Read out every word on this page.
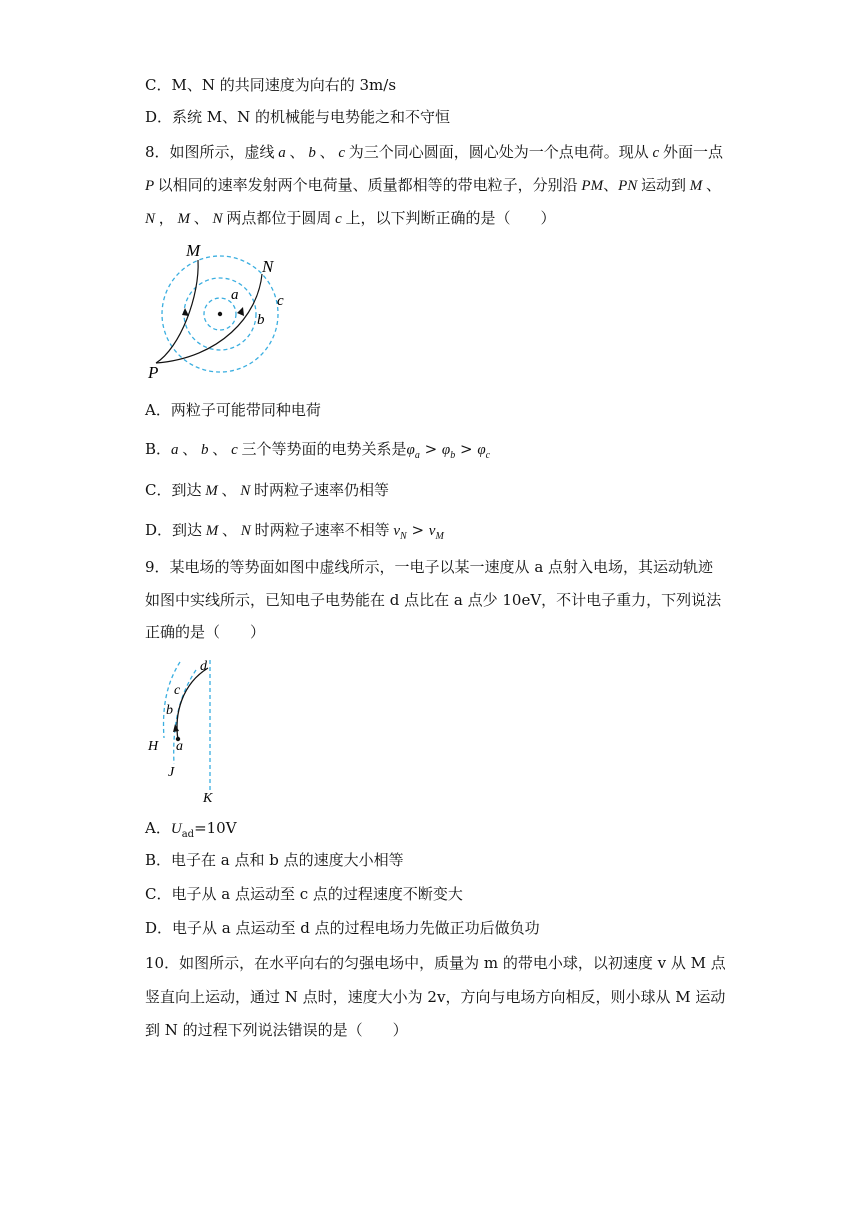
C．M、N 的共同速度为向右的 3m/s
D．系统 M、N 的机械能与电势能之和不守恒
8．如图所示，虚线 a 、 b 、 c 为三个同心圆面，圆心处为一个点电荷。现从 c 外面一点
P 以相同的速率发射两个电荷量、质量都相等的带电粒子，分别沿 PM、PN 运动到 M 、
N ， M 、 N 两点都位于圆周 c 上，以下判断正确的是（　　）
M
N
P
a
b
c
A．两粒子可能带同种电荷
B．a 、 b 、 c 三个等势面的电势关系是$\varphi_a > \varphi_b > \varphi_c$
C．到达 M 、 N 时两粒子速率仍相等
D．到达 M 、 N 时两粒子速率不相等 $v_N > v_M$
9．某电场的等势面如图中虚线所示，一电子以某一速度从 a 点射入电场，其运动轨迹
如图中实线所示，已知电子电势能在 d 点比在 a 点少 10eV，不计电子重力，下列说法
正确的是（　　）
d
c
b
a
H
J
K
A．$U_{ad}=10V$
B．电子在 a 点和 b 点的速度大小相等
C．电子从 a 点运动至 c 点的过程速度不断变大
D．电子从 a 点运动至 d 点的过程电场力先做正功后做负功
10．如图所示，在水平向右的匀强电场中，质量为 m 的带电小球，以初速度 v 从 M 点
竖直向上运动，通过 N 点时，速度大小为 2v，方向与电场方向相反，则小球从 M 运动
到 N 的过程下列说法错误的是（　　）
